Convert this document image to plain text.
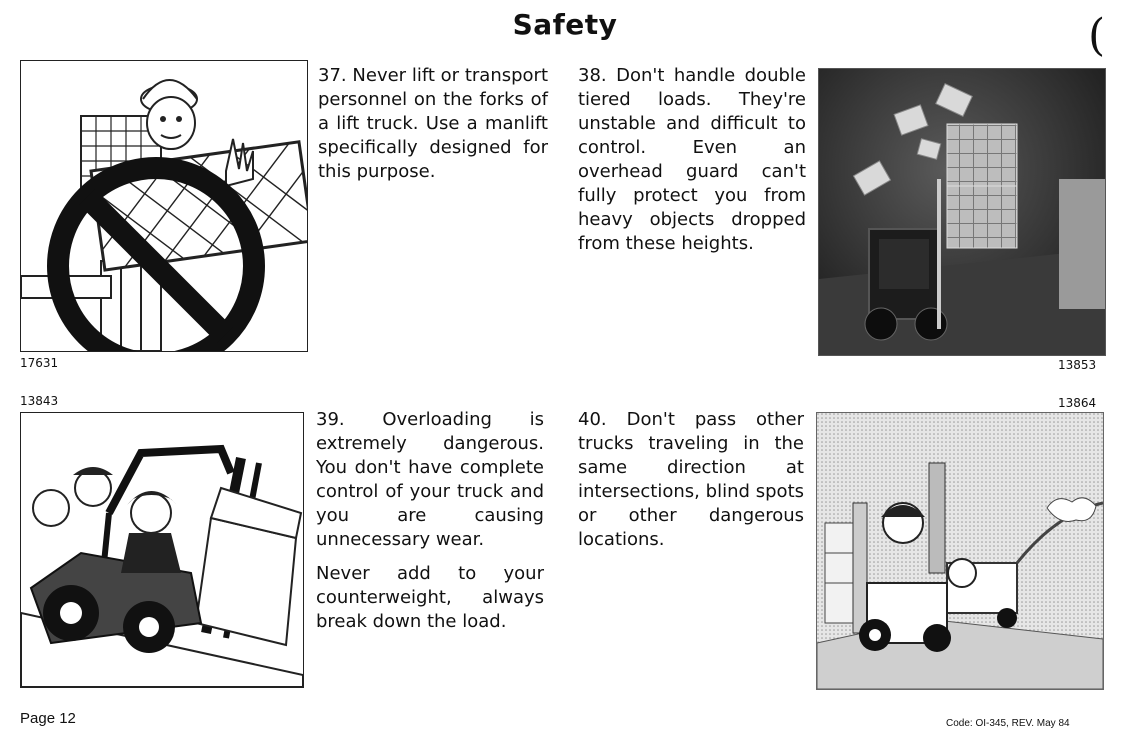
Safety	(
17631
37. Never lift or transport personnel on the forks of a lift truck. Use a manlift specifically designed for this purpose.
38. Don't handle double tiered loads. They're unstable and difficult to control. Even an overhead guard can't fully protect you from heavy objects dropped from these heights.
13853
13843
39. Overloading is extremely dangerous. You don't have complete control of your truck and you are causing unnecessary wear.
Never add to your counterweight, always break down the load.
40. Don't pass other trucks traveling in the same direction at intersections, blind spots or other dangerous locations.
13864
Page 12	Code: OI-345, REV. May 84
